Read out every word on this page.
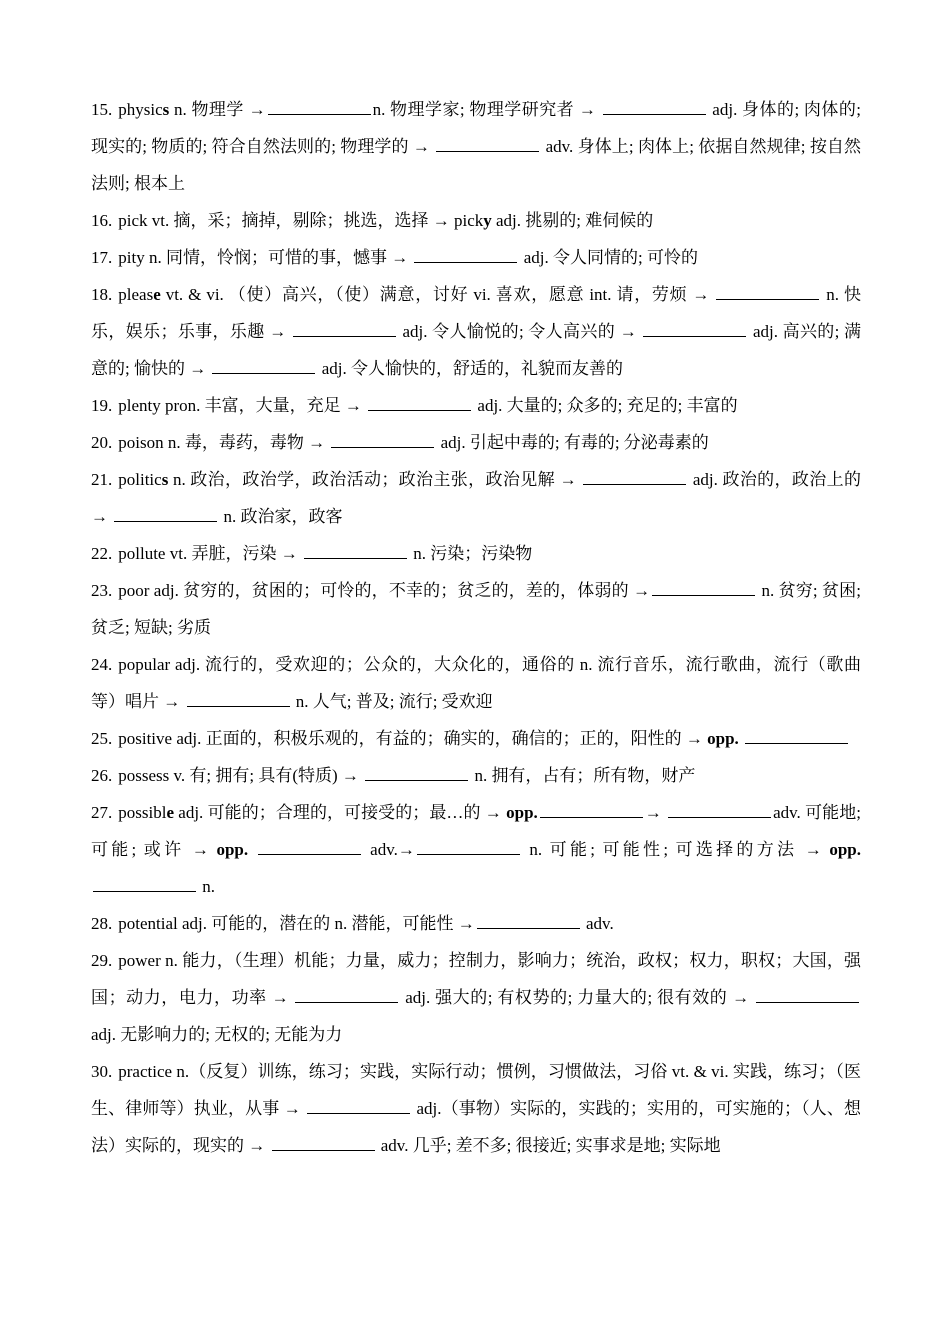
15. physics n. 物理学 →	n. 物理学家; 物理学研究者 →	adj. 身体的; 肉体的; 现实的; 物质的; 符合自然法则的; 物理学的 →	adv. 身体上; 肉体上; 依据自然规律; 按自然法则; 根本上

16. pick vt. 摘，采；摘掉，剔除；挑选，选择 → picky adj. 挑剔的; 难伺候的

17. pity n. 同情，怜悯；可惜的事，憾事 →	adj. 令人同情的; 可怜的

18. please vt. & vi. （使）高兴，（使）满意，讨好 vi. 喜欢，愿意 int. 请，劳烦 →	n. 快乐，娱乐；乐事，乐趣 →	adj. 令人愉悦的; 令人高兴的 →	adj. 高兴的; 满意的; 愉快的 →	adj. 令人愉快的，舒适的，礼貌而友善的

19. plenty pron. 丰富，大量，充足 →	adj. 大量的; 众多的; 充足的; 丰富的

20. poison n. 毒，毒药，毒物 →	adj. 引起中毒的; 有毒的; 分泌毒素的

21. politics n. 政治，政治学，政治活动；政治主张，政治见解 →	adj. 政治的，政治上的 →	n. 政治家，政客

22. pollute vt. 弄脏，污染 →	n. 污染；污染物

23. poor adj. 贫穷的，贫困的；可怜的，不幸的；贫乏的，差的，体弱的 →	n. 贫穷; 贫困; 贫乏; 短缺; 劣质

24. popular adj. 流行的，受欢迎的；公众的，大众化的，通俗的 n. 流行音乐，流行歌曲，流行（歌曲等）唱片 →	n. 人气; 普及; 流行; 受欢迎

25. positive adj. 正面的，积极乐观的，有益的；确实的，确信的；正的，阳性的 → opp.

26. possess v. 有; 拥有; 具有(特质) →	n. 拥有，占有；所有物，财产

27. possible adj. 可能的；合理的，可接受的；最…的 → opp.	→	adv. 可能地; 可能; 或许 → opp.	adv.→	n. 可能; 可能性; 可选择的方法 → opp. n.

28. potential adj. 可能的，潜在的 n. 潜能，可能性 →	adv.

29. power n. 能力，（生理）机能；力量，威力；控制力，影响力；统治，政权；权力，职权；大国，强国；动力，电力，功率 →	adj. 强大的; 有权势的; 力量大的; 很有效的 →  adj. 无影响力的; 无权的; 无能为力

30. practice n.（反复）训练，练习；实践，实际行动；惯例，习惯做法，习俗 vt. & vi. 实践，练习；（医生、律师等）执业，从事 →	adj.（事物）实际的，实践的；实用的，可实施的；（人、想法）实际的，现实的 →	adv. 几乎; 差不多; 很接近; 实事求是地; 实际地
